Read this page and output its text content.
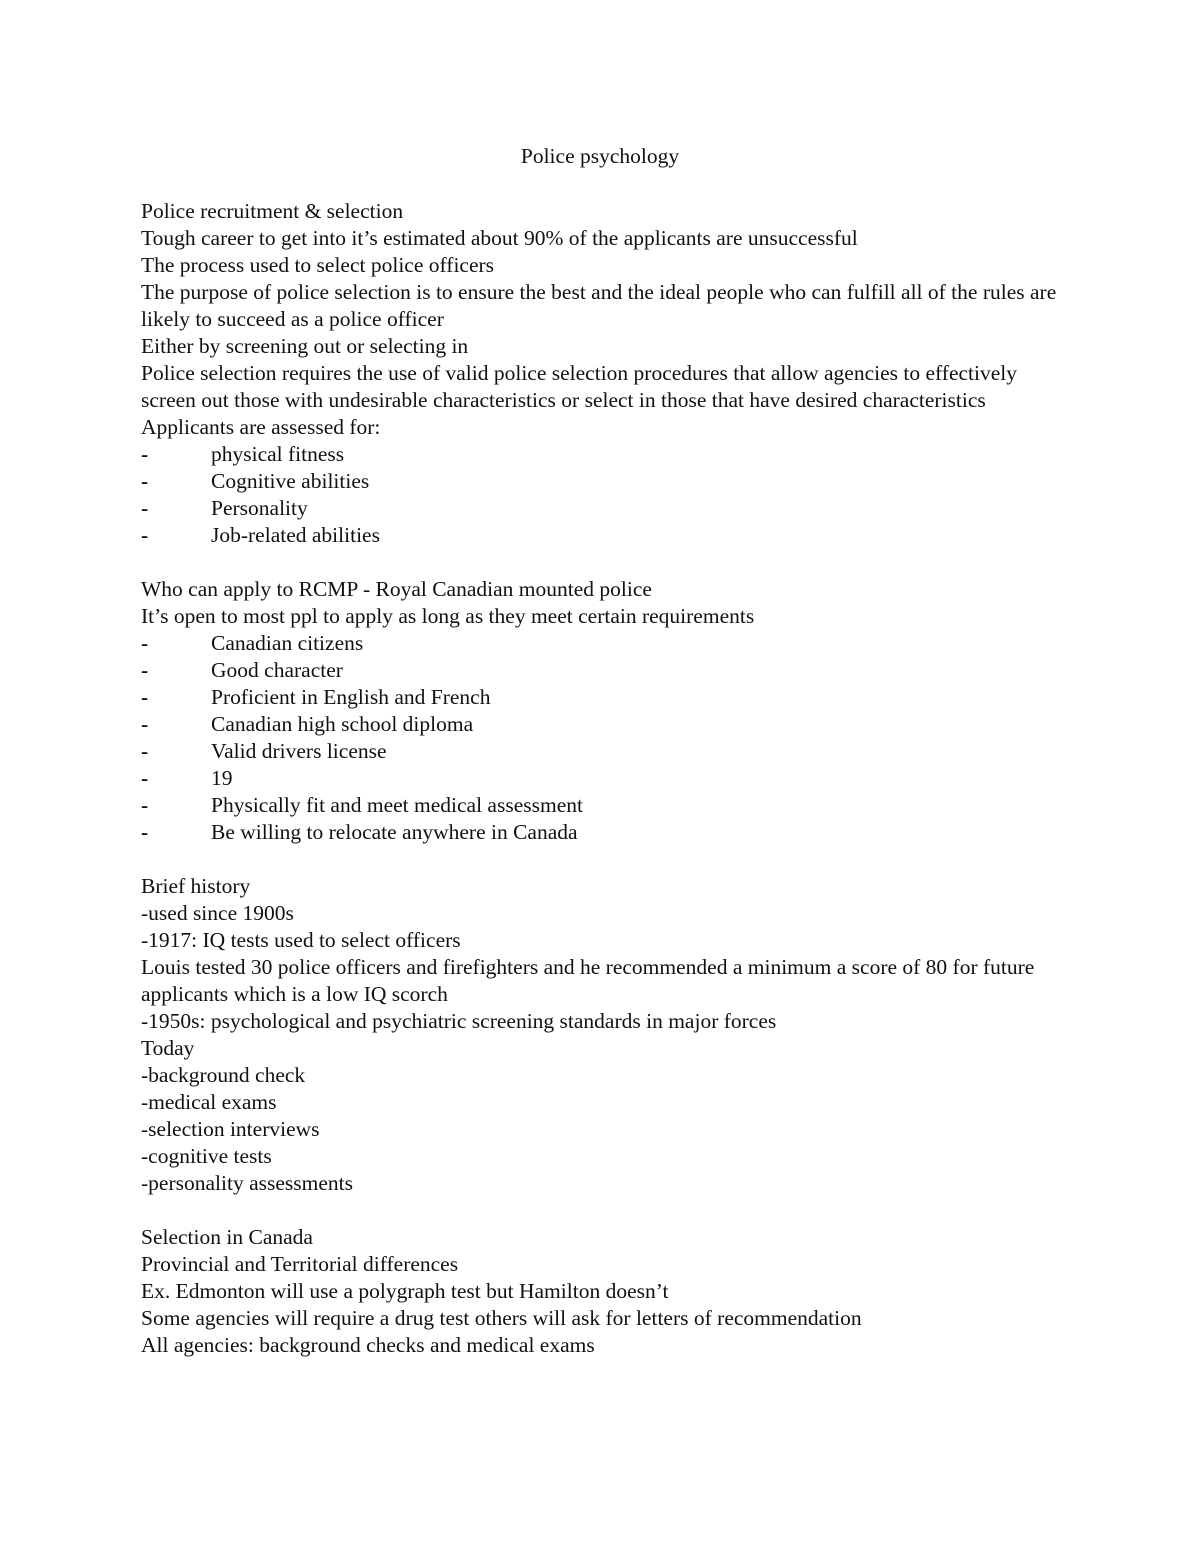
Police psychology
Police recruitment & selection
Tough career to get into it’s estimated about 90% of the applicants are unsuccessful
The process used to select police officers
The purpose of police selection is to ensure the best and the ideal people who can fulfill all of the rules are likely to succeed as a police officer
Either by screening out or selecting in
Police selection requires the use of valid police selection procedures that allow agencies to effectively screen out those with undesirable characteristics or select in those that have desired characteristics
Applicants are assessed for:
-	physical fitness
-	Cognitive abilities
-	Personality
-	Job-related abilities
Who can apply to RCMP - Royal Canadian mounted police
It’s open to most ppl to apply as long as they meet certain requirements
-	Canadian citizens
-	Good character
-	Proficient in English and French
-	Canadian high school diploma
-	Valid drivers license
-	19
-	Physically fit and meet medical assessment
-	Be willing to relocate anywhere in Canada
Brief history
-used since 1900s
-1917: IQ tests used to select officers
Louis tested 30 police officers and firefighters and he recommended a minimum a score of 80 for future applicants which is a low IQ scorch
-1950s: psychological and psychiatric screening standards in major forces
Today
-background check
-medical exams
-selection interviews
-cognitive tests
-personality assessments
Selection in Canada
Provincial and Territorial differences
Ex. Edmonton will use a polygraph test but Hamilton doesn’t
Some agencies will require a drug test others will ask for letters of recommendation
All agencies: background checks and medical exams
